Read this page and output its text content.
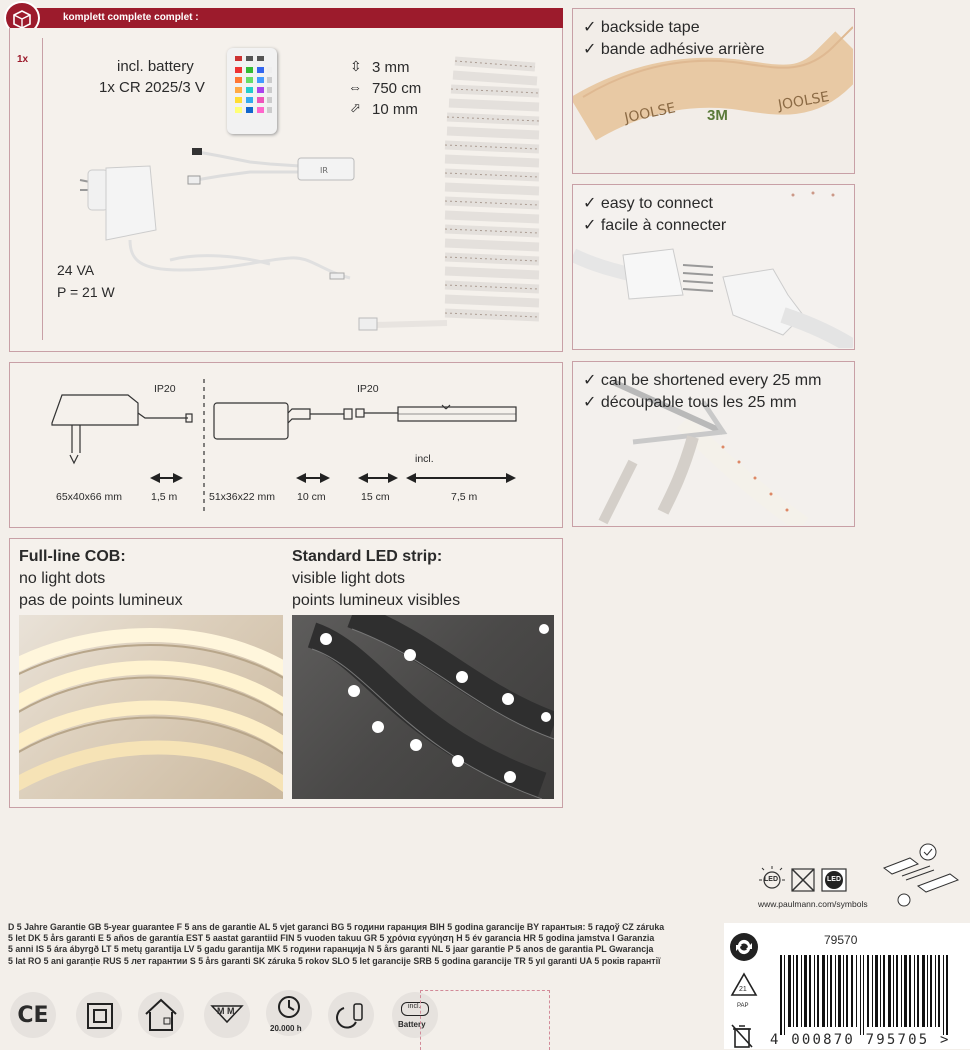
komplett complete complet :
1x	incl. battery
1x CR 2025/3 V
⇳ 3 mm
⇔ 750 cm
⬀ 10 mm
IR
24 VA
P = 21 W
IP20	IP20
incl.
65x40x66 mm	1,5 m	51x36x22 mm 10 cm	15 cm	7,5 m
Full-line COB:
no light dots
pas de points lumineux
Standard LED strip:
visible light dots
points lumineux visibles
JOOLSE	JOOLSE
3M
✓ backside tape
✓ bande adhésive arrière
✓ easy to connect
✓ facile à connecter
✓ can be shortened every 25 mm
✓ découpable tous les 25 mm
LED	LED
www.paulmann.com/symbols
D 5 Jahre Garantie GB 5-year guarantee F 5 ans de garantie AL 5 vjet garanci BG 5 години гаранция BIH 5 godina garancije BY гарантыя: 5 гадоў CZ záruka
5 let DK 5 års garanti E 5 años de garantía EST 5 aastat garantiid FIN 5 vuoden takuu GR 5 χρόνια εγγύηση H 5 év garancia HR 5 godina jamstva I Garanzia
5 anni IS 5 ára ábyrgð LT 5 metų garantija LV 5 gadu garantija MK 5 години гаранција N 5 års garanti NL 5 jaar garantie P 5 anos de garantia PL Gwarancja
5 lat RO 5 ani garanție RUS 5 лет гарантии S 5 års garanti SK záruka 5 rokov SLO 5 let garancije SRB 5 godina garancije TR 5 yıl garanti UA 5 років гарантії
CE	M M
20.000 h
incl.
Battery
21
PAP
79570
4 000870 795705 >
